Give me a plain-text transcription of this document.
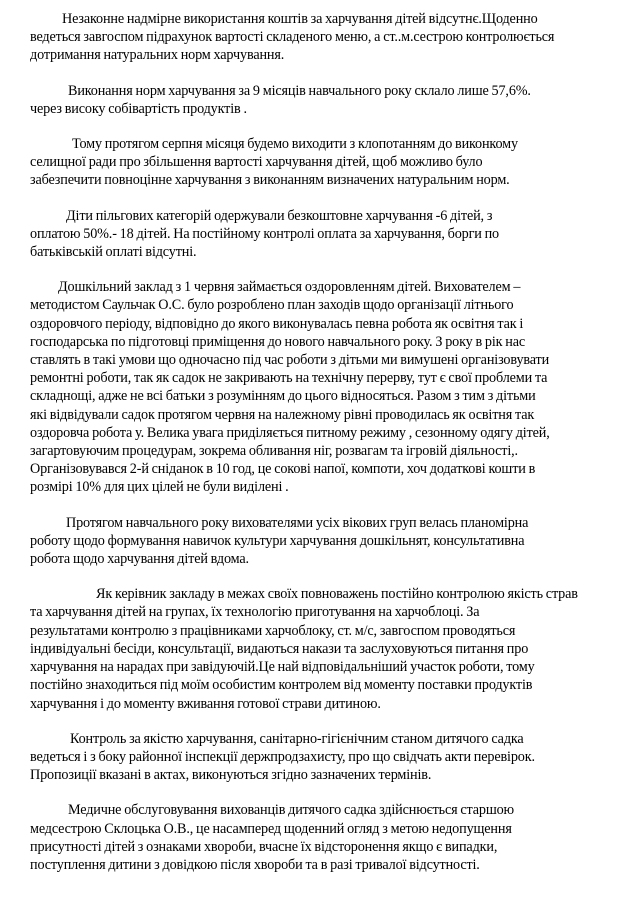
Незаконне надмірне використання коштів за харчування дітей відсутнє.Щоденно
ведеться завгоспом підрахунок вартості складеного меню, а ст..м.сестрою контролюється
дотримання натуральних норм харчування.

Виконання норм харчування за 9 місяців навчального року склало лише 57,6%.
через високу собівартість продуктів .

Тому протягом серпня місяця будемо виходити з клопотанням до виконкому
селищної ради про збільшення вартості харчування дітей, щоб можливо було
забезпечити повноцінне харчування з виконанням визначених натуральним норм.

Діти пільгових категорій одержували безкоштовне харчування -6 дітей, з
оплатою 50%.- 18 дітей. На постійному контролі оплата за харчування, борги по
батьківській оплаті відсутні.

Дошкільний заклад з 1 червня займається оздоровленням дітей. Вихователем –
методистом Саульчак О.С. було розроблено план заходів щодо організації літнього
оздоровчого періоду, відповідно до якого виконувалась певна робота як освітня так і
господарська по підготовці приміщення до нового навчального року. З року в рік нас
ставлять в такі умови що одночасно під час роботи з дітьми ми вимушені організовувати
ремонтні роботи, так як садок не закривають на технічну перерву, тут є свої проблеми та
складнощі, адже не всі батьки з розумінням до цього відносяться. Разом з тим з дітьми
які відвідували садок протягом червня на належному рівні проводилась як освітня так
оздоровча робота у. Велика увага приділяється питному режиму , сезонному одягу дітей,
загартовуючим процедурам, зокрема обливання ніг, розвагам та ігровій діяльності,.
Організовувався 2-й сніданок в 10 год, це сокові напої, компоти, хоч додаткові кошти в
розмірі 10% для цих цілей не були виділені .

Протягом навчального року вихователями усіх вікових груп велась планомірна
роботу щодо формування навичок культури харчування дошкільнят, консультативна
робота щодо харчування дітей вдома.

Як керівник закладу в межах своїх повноважень постійно контролюю якість страв
та харчування дітей на групах, їх технологію приготування на харчоблоці. За
результатами контролю з працівниками харчоблоку, ст. м/с, завгоспом проводяться
індивідуальні бесіди, консультації, видаються накази та заслуховуються питання про
харчування на нарадах при завідуючій.Це най відповідальніший участок роботи, тому
постійно знаходиться під моїм особистим контролем від моменту поставки продуктів
харчування і до моменту вживання готової страви дитиною.

Контроль за якістю харчування, санітарно-гігієнічним станом дитячого садка
ведеться і з боку районної інспекції держпродзахисту, про що свідчать акти перевірок.
Пропозиції вказані в актах, виконуються згідно зазначених термінів.

Медичне обслуговування вихованців дитячого садка здійснюється старшою
медсестрою Склоцька О.В., це насамперед щоденний огляд з метою недопущення
присутності дітей з ознаками хвороби, вчасне їх відсторонення якщо є випадки,
поступлення дитини з довідкою після хвороби та в разі тривалої відсутності.
